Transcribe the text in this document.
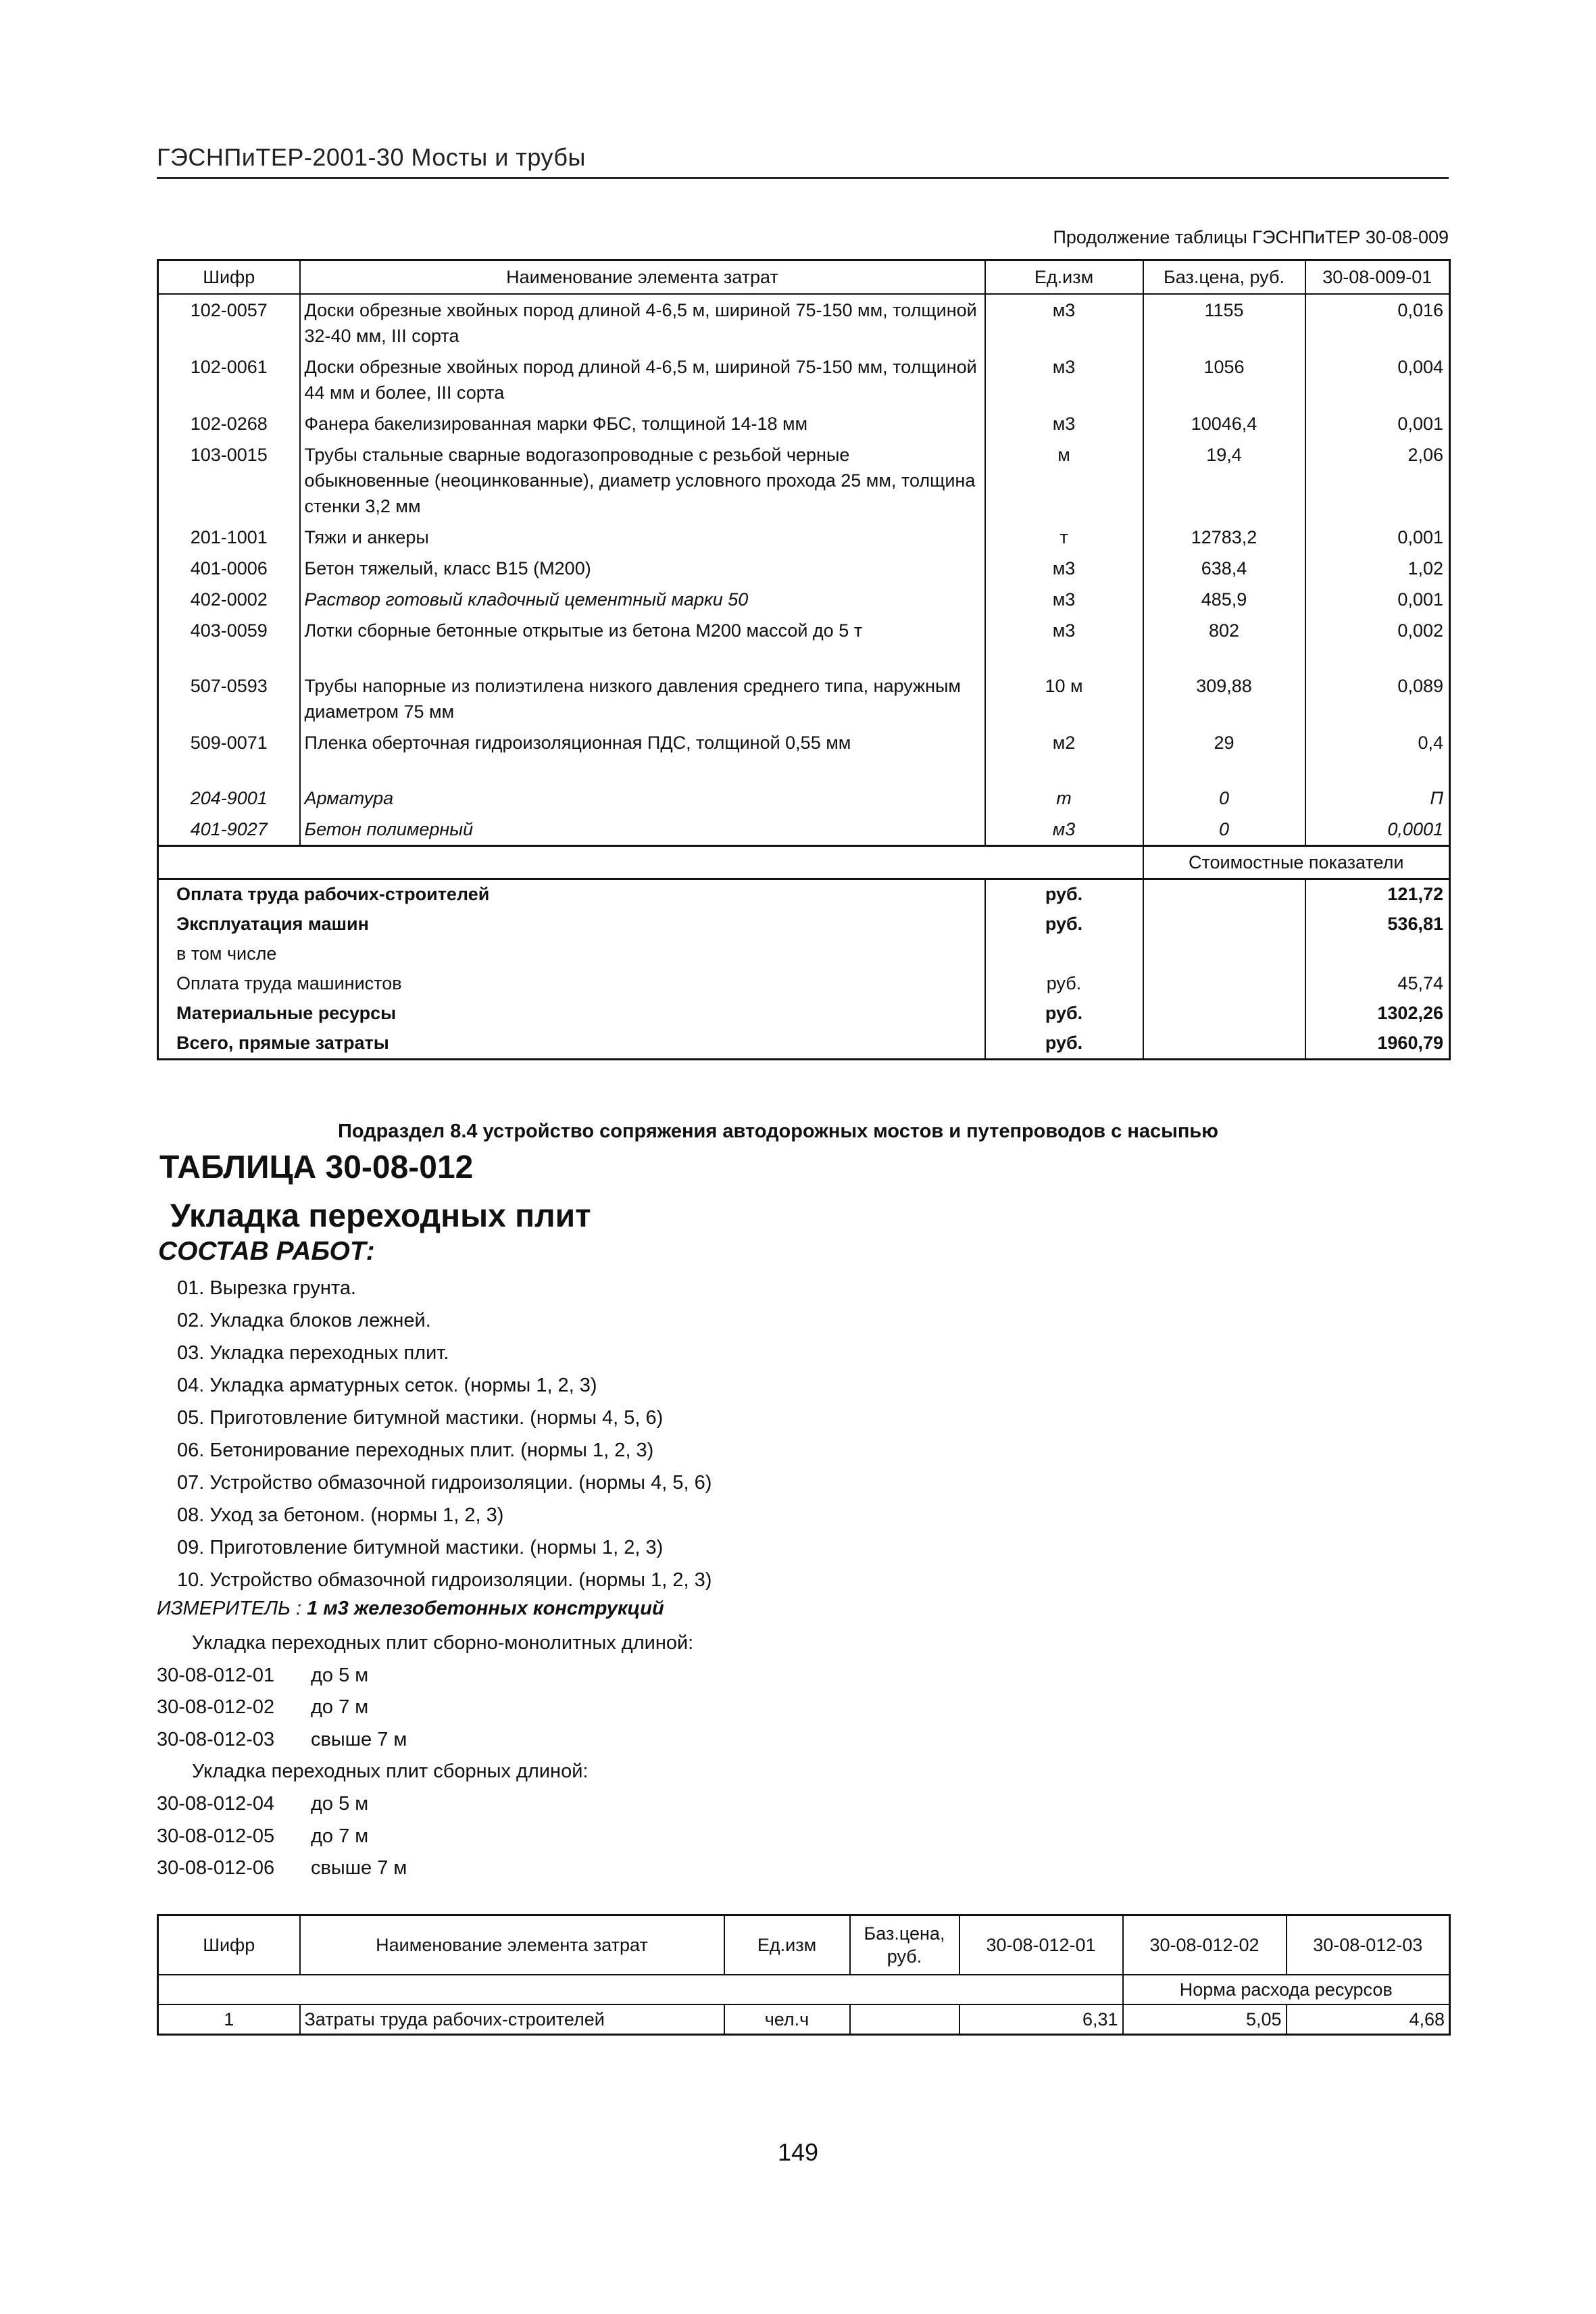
ГЭСНПиТЕР-2001-30 Мосты и трубы
Продолжение таблицы ГЭСНПиТЕР 30-08-009
Шифр	Наименование элемента затрат	Ед.изм	Баз.цена, руб.	30-08-009-01
102-0057	Доски обрезные хвойных пород длиной 4-6,5 м, шириной 75-150 мм, толщиной 32-40 мм, III сорта	м3	1155	0,016
102-0061	Доски обрезные хвойных пород длиной 4-6,5 м, шириной 75-150 мм, толщиной 44 мм и более, III сорта	м3	1056	0,004
102-0268	Фанера бакелизированная марки ФБС, толщиной 14-18 мм	м3	10046,4	0,001
103-0015	Трубы стальные сварные водогазопроводные с резьбой черные обыкновенные (неоцинкованные), диаметр условного прохода 25 мм, толщина стенки 3,2 мм	м	19,4	2,06
201-1001	Тяжи и анкеры	т	12783,2	0,001
401-0006	Бетон тяжелый, класс В15 (М200)	м3	638,4	1,02
402-0002	Раствор готовый кладочный цементный марки 50	м3	485,9	0,001
403-0059	Лотки сборные бетонные открытые из бетона М200 массой до 5 т	м3	802	0,002
507-0593	Трубы напорные из полиэтилена низкого давления среднего типа, наружным диаметром 75 мм	10 м	309,88	0,089
509-0071	Пленка оберточная гидроизоляционная ПДС, толщиной 0,55 мм	м2	29	0,4
204-9001	Арматура	т	0	П
401-9027	Бетон полимерный	м3	0	0,0001
			Стоимостные показатели	
Оплата труда рабочих-строителей		руб.		121,72
Эксплуатация машин		руб.		536,81
в том числе				
Оплата труда машинистов		руб.		45,74
Материальные ресурсы		руб.		1302,26
Всего, прямые затраты		руб.		1960,79
Подраздел 8.4 устройство сопряжения автодорожных мостов и путепроводов с насыпью
ТАБЛИЦА 30-08-012
Укладка переходных плит
СОСТАВ РАБОТ:
01. Вырезка грунта.
02. Укладка блоков лежней.
03. Укладка переходных плит.
04. Укладка арматурных сеток. (нормы 1, 2, 3)
05. Приготовление битумной мастики. (нормы 4, 5, 6)
06. Бетонирование переходных плит. (нормы 1, 2, 3)
07. Устройство обмазочной гидроизоляции. (нормы 4, 5, 6)
08. Уход за бетоном. (нормы 1, 2, 3)
09. Приготовление битумной мастики. (нормы 1, 2, 3)
10. Устройство обмазочной гидроизоляции. (нормы 1, 2, 3)
ИЗМЕРИТЕЛЬ : 1 м3 железобетонных конструкций
Укладка переходных плит сборно-монолитных длиной:
30-08-012-01 до 5 м
30-08-012-02 до 7 м
30-08-012-03 свыше 7 м
Укладка переходных плит сборных длиной:
30-08-012-04 до 5 м
30-08-012-05 до 7 м
30-08-012-06 свыше 7 м
Шифр	Наименование элемента затрат	Ед.изм	Баз.цена, руб.	30-08-012-01	30-08-012-02	30-08-012-03
					Норма расхода ресурсов	
1	Затраты труда рабочих-строителей	чел.ч		6,31	5,05	4,68
149
